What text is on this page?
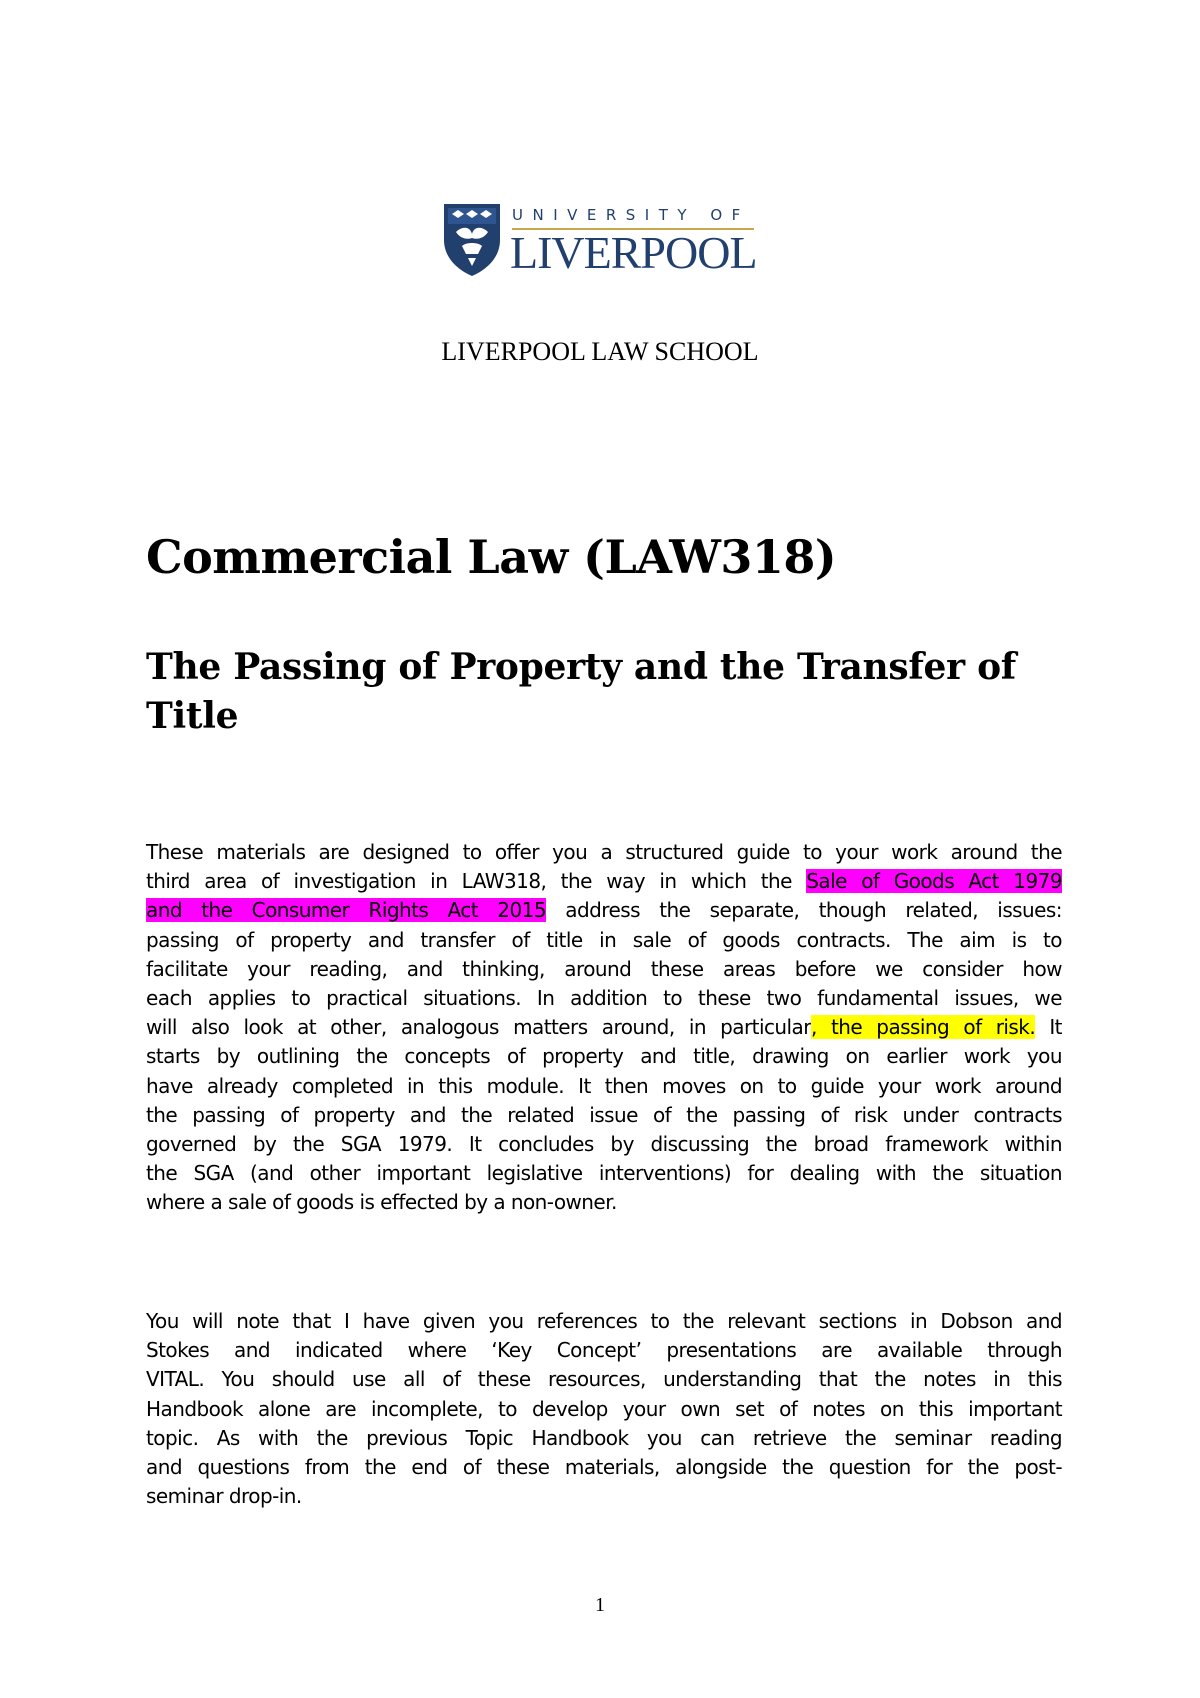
UNIVERSITY OF
LIVERPOOL
LIVERPOOL LAW SCHOOL
Commercial Law (LAW318)
The Passing of Property and the Transfer of
Title
These materials are designed to offer you a structured guide to your work around the
third area of investigation in LAW318, the way in which the Sale of Goods Act 1979
and the Consumer Rights Act 2015 address the separate, though related, issues:
passing of property and transfer of title in sale of goods contracts. The aim is to
facilitate your reading, and thinking, around these areas before we consider how
each applies to practical situations. In addition to these two fundamental issues, we
will also look at other, analogous matters around, in particular, the passing of risk. It
starts by outlining the concepts of property and title, drawing on earlier work you
have already completed in this module. It then moves on to guide your work around
the passing of property and the related issue of the passing of risk under contracts
governed by the SGA 1979. It concludes by discussing the broad framework within
the SGA (and other important legislative interventions) for dealing with the situation
where a sale of goods is effected by a non-owner.
You will note that I have given you references to the relevant sections in Dobson and
Stokes and indicated where ‘Key Concept’ presentations are available through
VITAL. You should use all of these resources, understanding that the notes in this
Handbook alone are incomplete, to develop your own set of notes on this important
topic. As with the previous Topic Handbook you can retrieve the seminar reading
and questions from the end of these materials, alongside the question for the post-
seminar drop-in.
1
